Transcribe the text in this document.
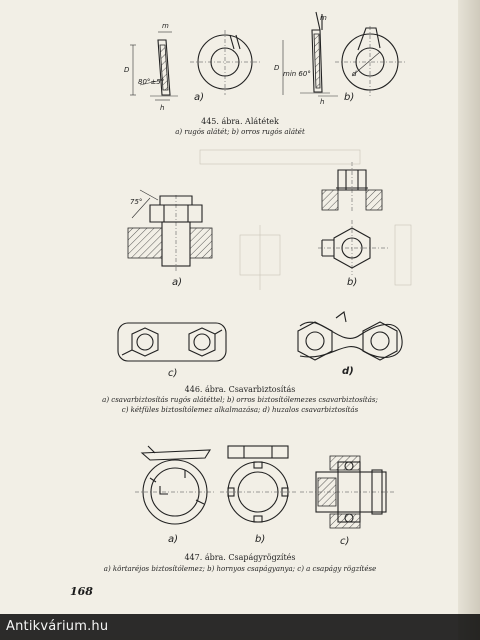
m
D
h
80°±5°
m
D
d
h
min 60°
75°
a)	b)
445. ábra. Alátétek
a) rugós alátét; b) orros rugós alátét
a)	b)
c)	d)
446. ábra. Csavarbiztosítás
a) csavarbiztosítás rugós alátéttel; b) orros biztosítólemezes csavarbiztosítás;
c) kétfüles biztosítólemez alkalmazása; d) huzalos csavarbiztosítás
a)	b)	c)
447. ábra. Csapágyrögzítés
a) körtaréjos biztosítólemez; b) hornyos csapágyanya; c) a csapágy rögzítése
168
Antikvárium.hu
